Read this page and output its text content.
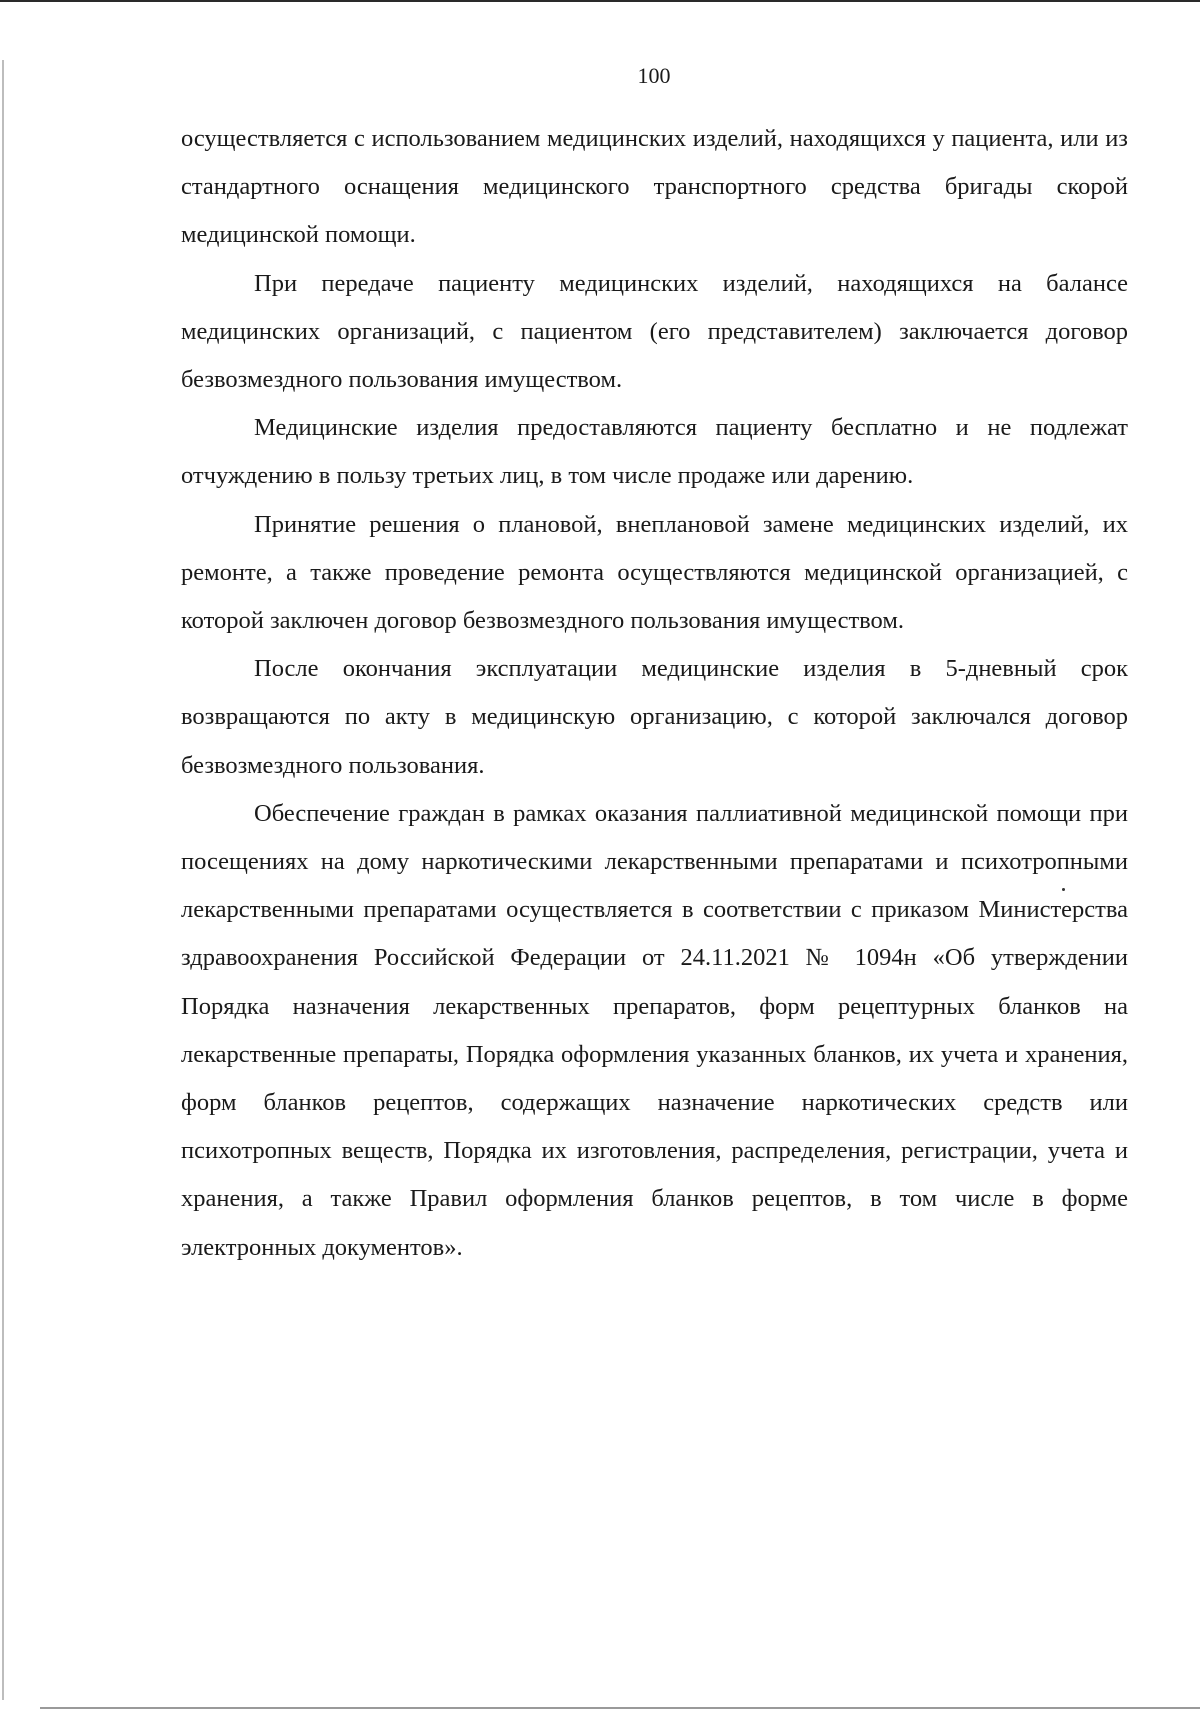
100

осуществляется с использованием медицинских изделий, находящихся у пациента, или из стандартного оснащения медицинского транспортного средства бригады скорой медицинской помощи.

При передаче пациенту медицинских изделий, находящихся на балансе медицинских организаций, с пациентом (его представителем) заключается договор безвозмездного пользования имуществом.

Медицинские изделия предоставляются пациенту бесплатно и не подлежат отчуждению в пользу третьих лиц, в том числе продаже или дарению.

Принятие решения о плановой, внеплановой замене медицинских изделий, их ремонте, а также проведение ремонта осуществляются медицинской организацией, с которой заключен договор безвозмездного пользования имуществом.

После окончания эксплуатации медицинские изделия в 5-дневный срок возвращаются по акту в медицинскую организацию, с которой заключался договор безвозмездного пользования.

Обеспечение граждан в рамках оказания паллиативной медицинской помощи при посещениях на дому наркотическими лекарственными препаратами и психотропными лекарственными препаратами осуществляется в соответствии с приказом Министерства здравоохранения Российской Федерации от 24.11.2021 № 1094н «Об утверждении Порядка назначения лекарственных препаратов, форм рецептурных бланков на лекарственные препараты, Порядка оформления указанных бланков, их учета и хранения, форм бланков рецептов, содержащих назначение наркотических средств или психотропных веществ, Порядка их изготовления, распределения, регистрации, учета и хранения, а также Правил оформления бланков рецептов, в том числе в форме электронных документов».
